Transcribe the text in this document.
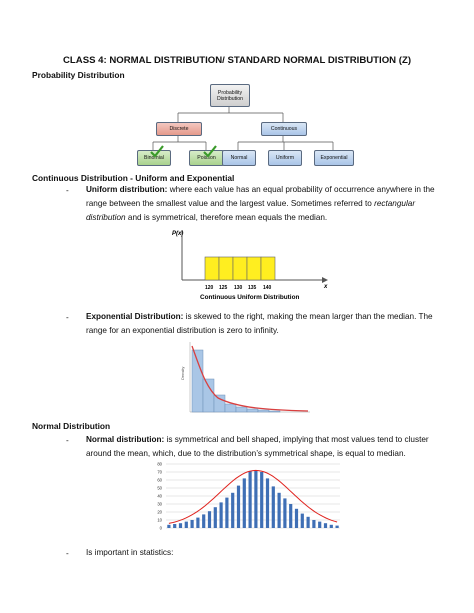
CLASS 4: NORMAL DISTRIBUTION/ STANDARD NORMAL DISTRIBUTION (Z)
Probability Distribution
Probability Distribution
Discrete	Continuous
Binomial	Poisson	Normal	Uniform	Exponential
Continuous Distribution - Uniform and Exponential
- Uniform distribution: where each value has an equal probability of occurrence anywhere in the
range between the smallest value and the largest value. Sometimes referred to rectangular
distribution and is symmetrical, therefore mean equals the median.
P(x)
x
120 125 130 135 140
Continuous Uniform Distribution
- Exponential Distribution: is skewed to the right, making the mean larger than the median. The
range for an exponential distribution is zero to infinity.
Density
Normal Distribution
- Normal distribution: is symmetrical and bell shaped, implying that most values tend to cluster
around the mean, which, due to the distribution’s symmetrical shape, is equal to median.
80
70
60
50
40
30
20
10
0
- Is important in statistics:
